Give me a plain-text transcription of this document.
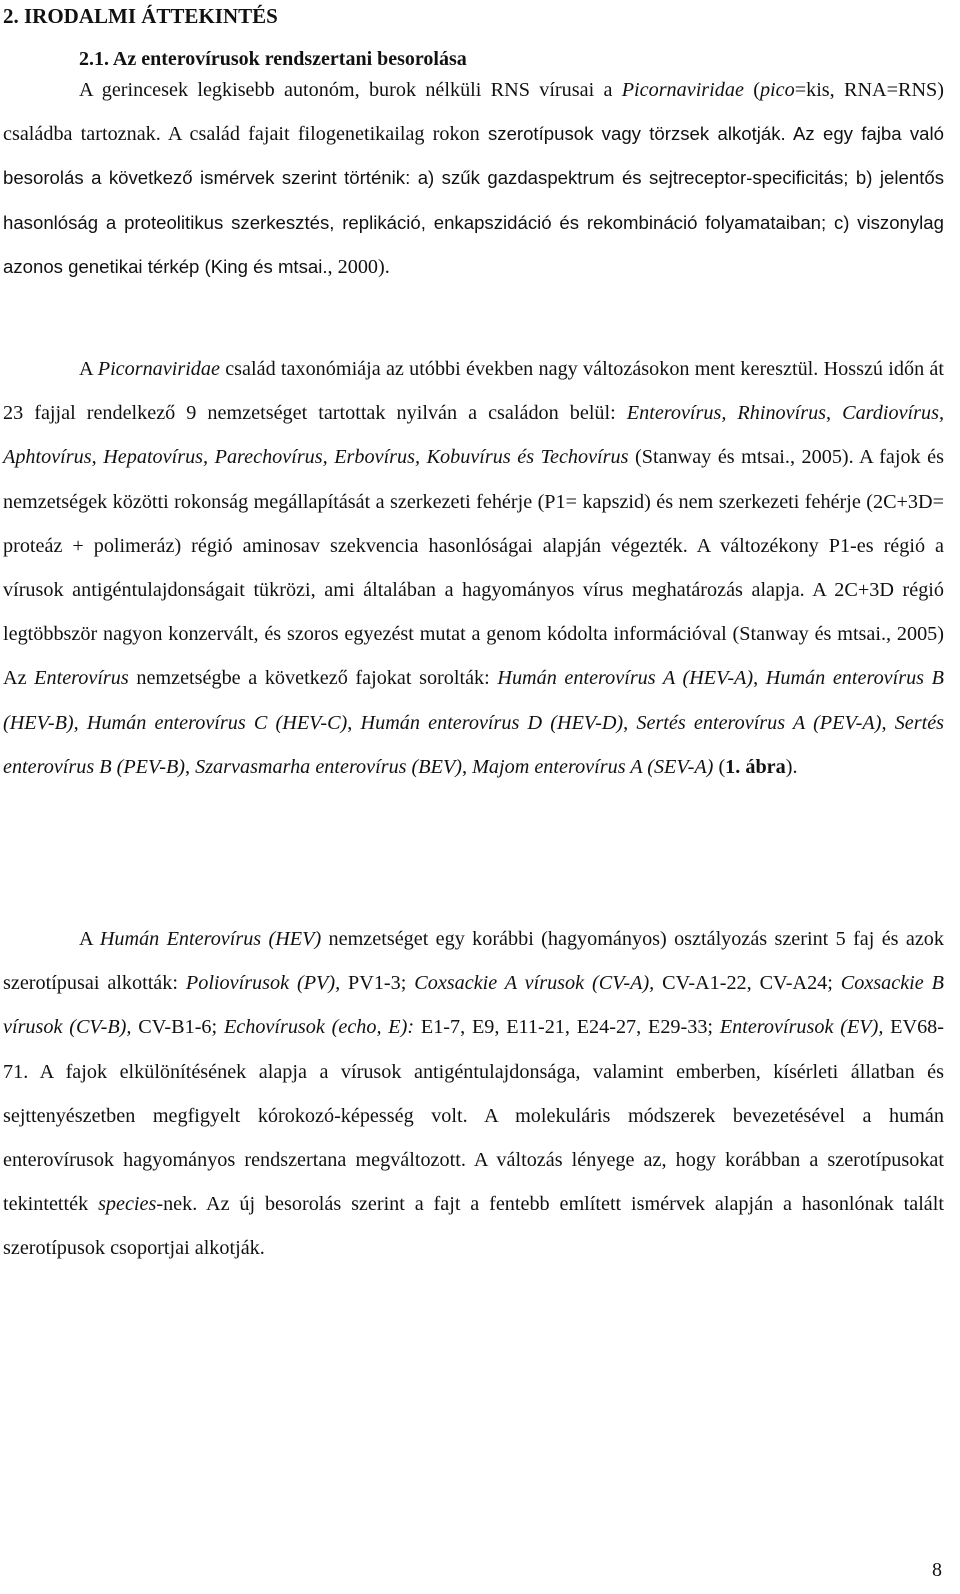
2. IRODALMI ÁTTEKINTÉS
2.1. Az enterovírusok rendszertani besorolása

A gerincesek legkisebb autonóm, burok nélküli RNS vírusai a Picornaviridae (pico=kis, RNA=RNS) családba tartoznak. A család fajait filogenetikailag rokon szerotípusok vagy törzsek alkotják. Az egy fajba való besorolás a következő ismérvek szerint történik: a) szűk gazdaspektrum és sejtreceptor-specificitás; b) jelentős hasonlóság a proteolitikus szerkesztés, replikáció, enkapszidáció és rekombináció folyamataiban; c) viszonylag azonos genetikai térkép (King és mtsai., 2000).

A Picornaviridae család taxonómiája az utóbbi években nagy változásokon ment keresztül. Hosszú időn át 23 fajjal rendelkező 9 nemzetséget tartottak nyilván a családon belül: Enterovírus, Rhinovírus, Cardiovírus, Aphtovírus, Hepatovírus, Parechovírus, Erbovírus, Kobuvírus és Techovírus (Stanway és mtsai., 2005). A fajok és nemzetségek közötti rokonság megállapítását a szerkezeti fehérje (P1= kapszid) és nem szerkezeti fehérje (2C+3D= proteáz + polimeráz) régió aminosav szekvencia hasonlóságai alapján végezték. A változékony P1-es régió a vírusok antigéntulajdonságait tükrözi, ami általában a hagyományos vírus meghatározás alapja. A 2C+3D régió legtöbbször nagyon konzervált, és szoros egyezést mutat a genom kódolta információval (Stanway és mtsai., 2005) Az Enterovírus nemzetségbe a következő fajokat sorolták: Humán enterovírus A (HEV-A), Humán enterovírus B (HEV-B), Humán enterovírus C (HEV-C), Humán enterovírus D (HEV-D), Sertés enterovírus A (PEV-A), Sertés enterovírus B (PEV-B), Szarvasmarha enterovírus (BEV), Majom enterovírus A (SEV-A) (1. ábra).

A Humán Enterovírus (HEV) nemzetséget egy korábbi (hagyományos) osztályozás szerint 5 faj és azok szerotípusai alkották: Poliovírusok (PV), PV1-3; Coxsackie A vírusok (CV-A), CV-A1-22, CV-A24; Coxsackie B vírusok (CV-B), CV-B1-6; Echovírusok (echo, E): E1-7, E9, E11-21, E24-27, E29-33; Enterovírusok (EV), EV68-71. A fajok elkülönítésének alapja a vírusok antigéntulajdonsága, valamint emberben, kísérleti állatban és sejttenyészetben megfigyelt kórokozó-képesség volt. A molekuláris módszerek bevezetésével a humán enterovírusok hagyományos rendszertana megváltozott. A változás lényege az, hogy korábban a szerotípusokat tekintették species-nek. Az új besorolás szerint a fajt a fentebb említett ismérvek alapján a hasonlónak talált szerotípusok csoportjai alkotják.

8
